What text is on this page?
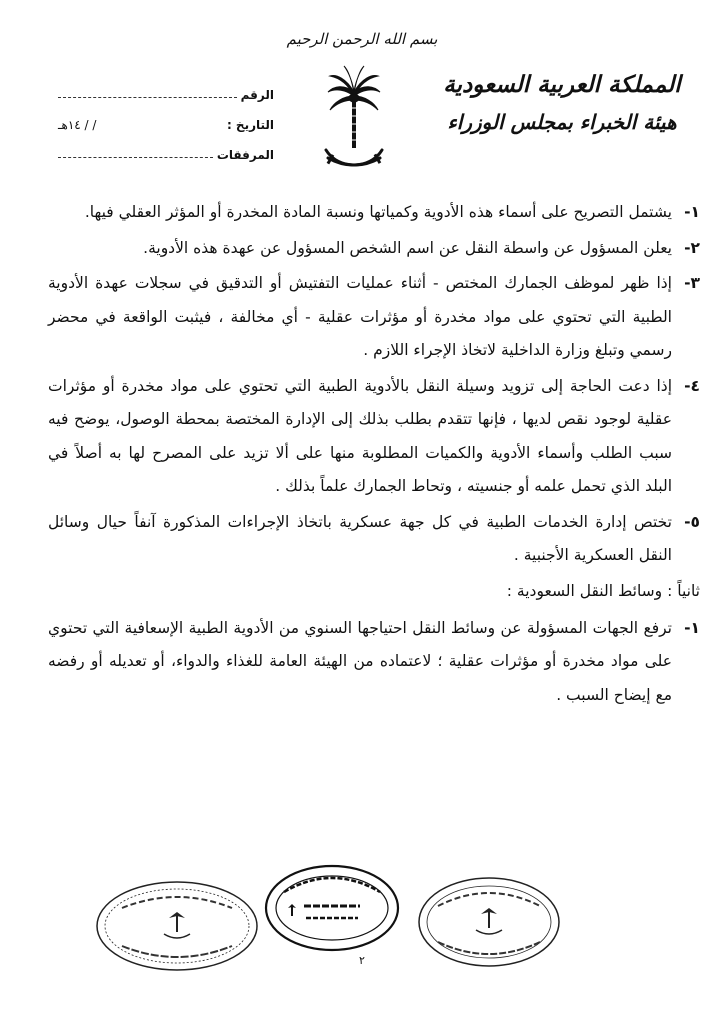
بسم الله الرحمن الرحيم
المملكة العربية السعودية
هيئة الخبراء بمجلس الوزراء
الرقم
التاريخ :
/ / ١٤هـ
المرفقات
١-
يشتمل التصريح على أسماء هذه الأدوية وكمياتها ونسبة المادة المخدرة أو المؤثر العقلي فيها.
٢-
يعلن المسؤول عن واسطة النقل عن اسم الشخص المسؤول عن عهدة هذه الأدوية.
٣-
إذا ظهر لموظف الجمارك المختص - أثناء عمليات التفتيش أو التدقيق في سجلات عهدة الأدوية الطبية التي تحتوي على مواد مخدرة أو مؤثرات عقلية - أي مخالفة ، فيثبت الواقعة في محضر رسمي وتبلغ وزارة الداخلية لاتخاذ الإجراء اللازم .
٤-
إذا دعت الحاجة إلى تزويد وسيلة النقل بالأدوية الطبية التي تحتوي على مواد مخدرة أو مؤثرات عقلية لوجود نقص لديها ، فإنها تتقدم بطلب بذلك إلى الإدارة المختصة بمحطة الوصول، يوضح فيه سبب الطلب وأسماء الأدوية والكميات المطلوبة منها على ألا تزيد على المصرح لها به أصلاً في البلد الذي تحمل علمه أو جنسيته ، وتحاط الجمارك علماً بذلك .
٥-
تختص إدارة الخدمات الطبية في كل جهة عسكرية باتخاذ الإجراءات المذكورة آنفاً حيال وسائل النقل العسكرية الأجنبية .
ثانياً : وسائط النقل السعودية :
١-
ترفع الجهات المسؤولة عن وسائط النقل احتياجها السنوي من الأدوية الطبية الإسعافية التي تحتوي على مواد مخدرة أو مؤثرات عقلية ؛ لاعتماده من الهيئة العامة للغذاء والدواء، أو تعديله أو رفضه مع إيضاح السبب .
٢
